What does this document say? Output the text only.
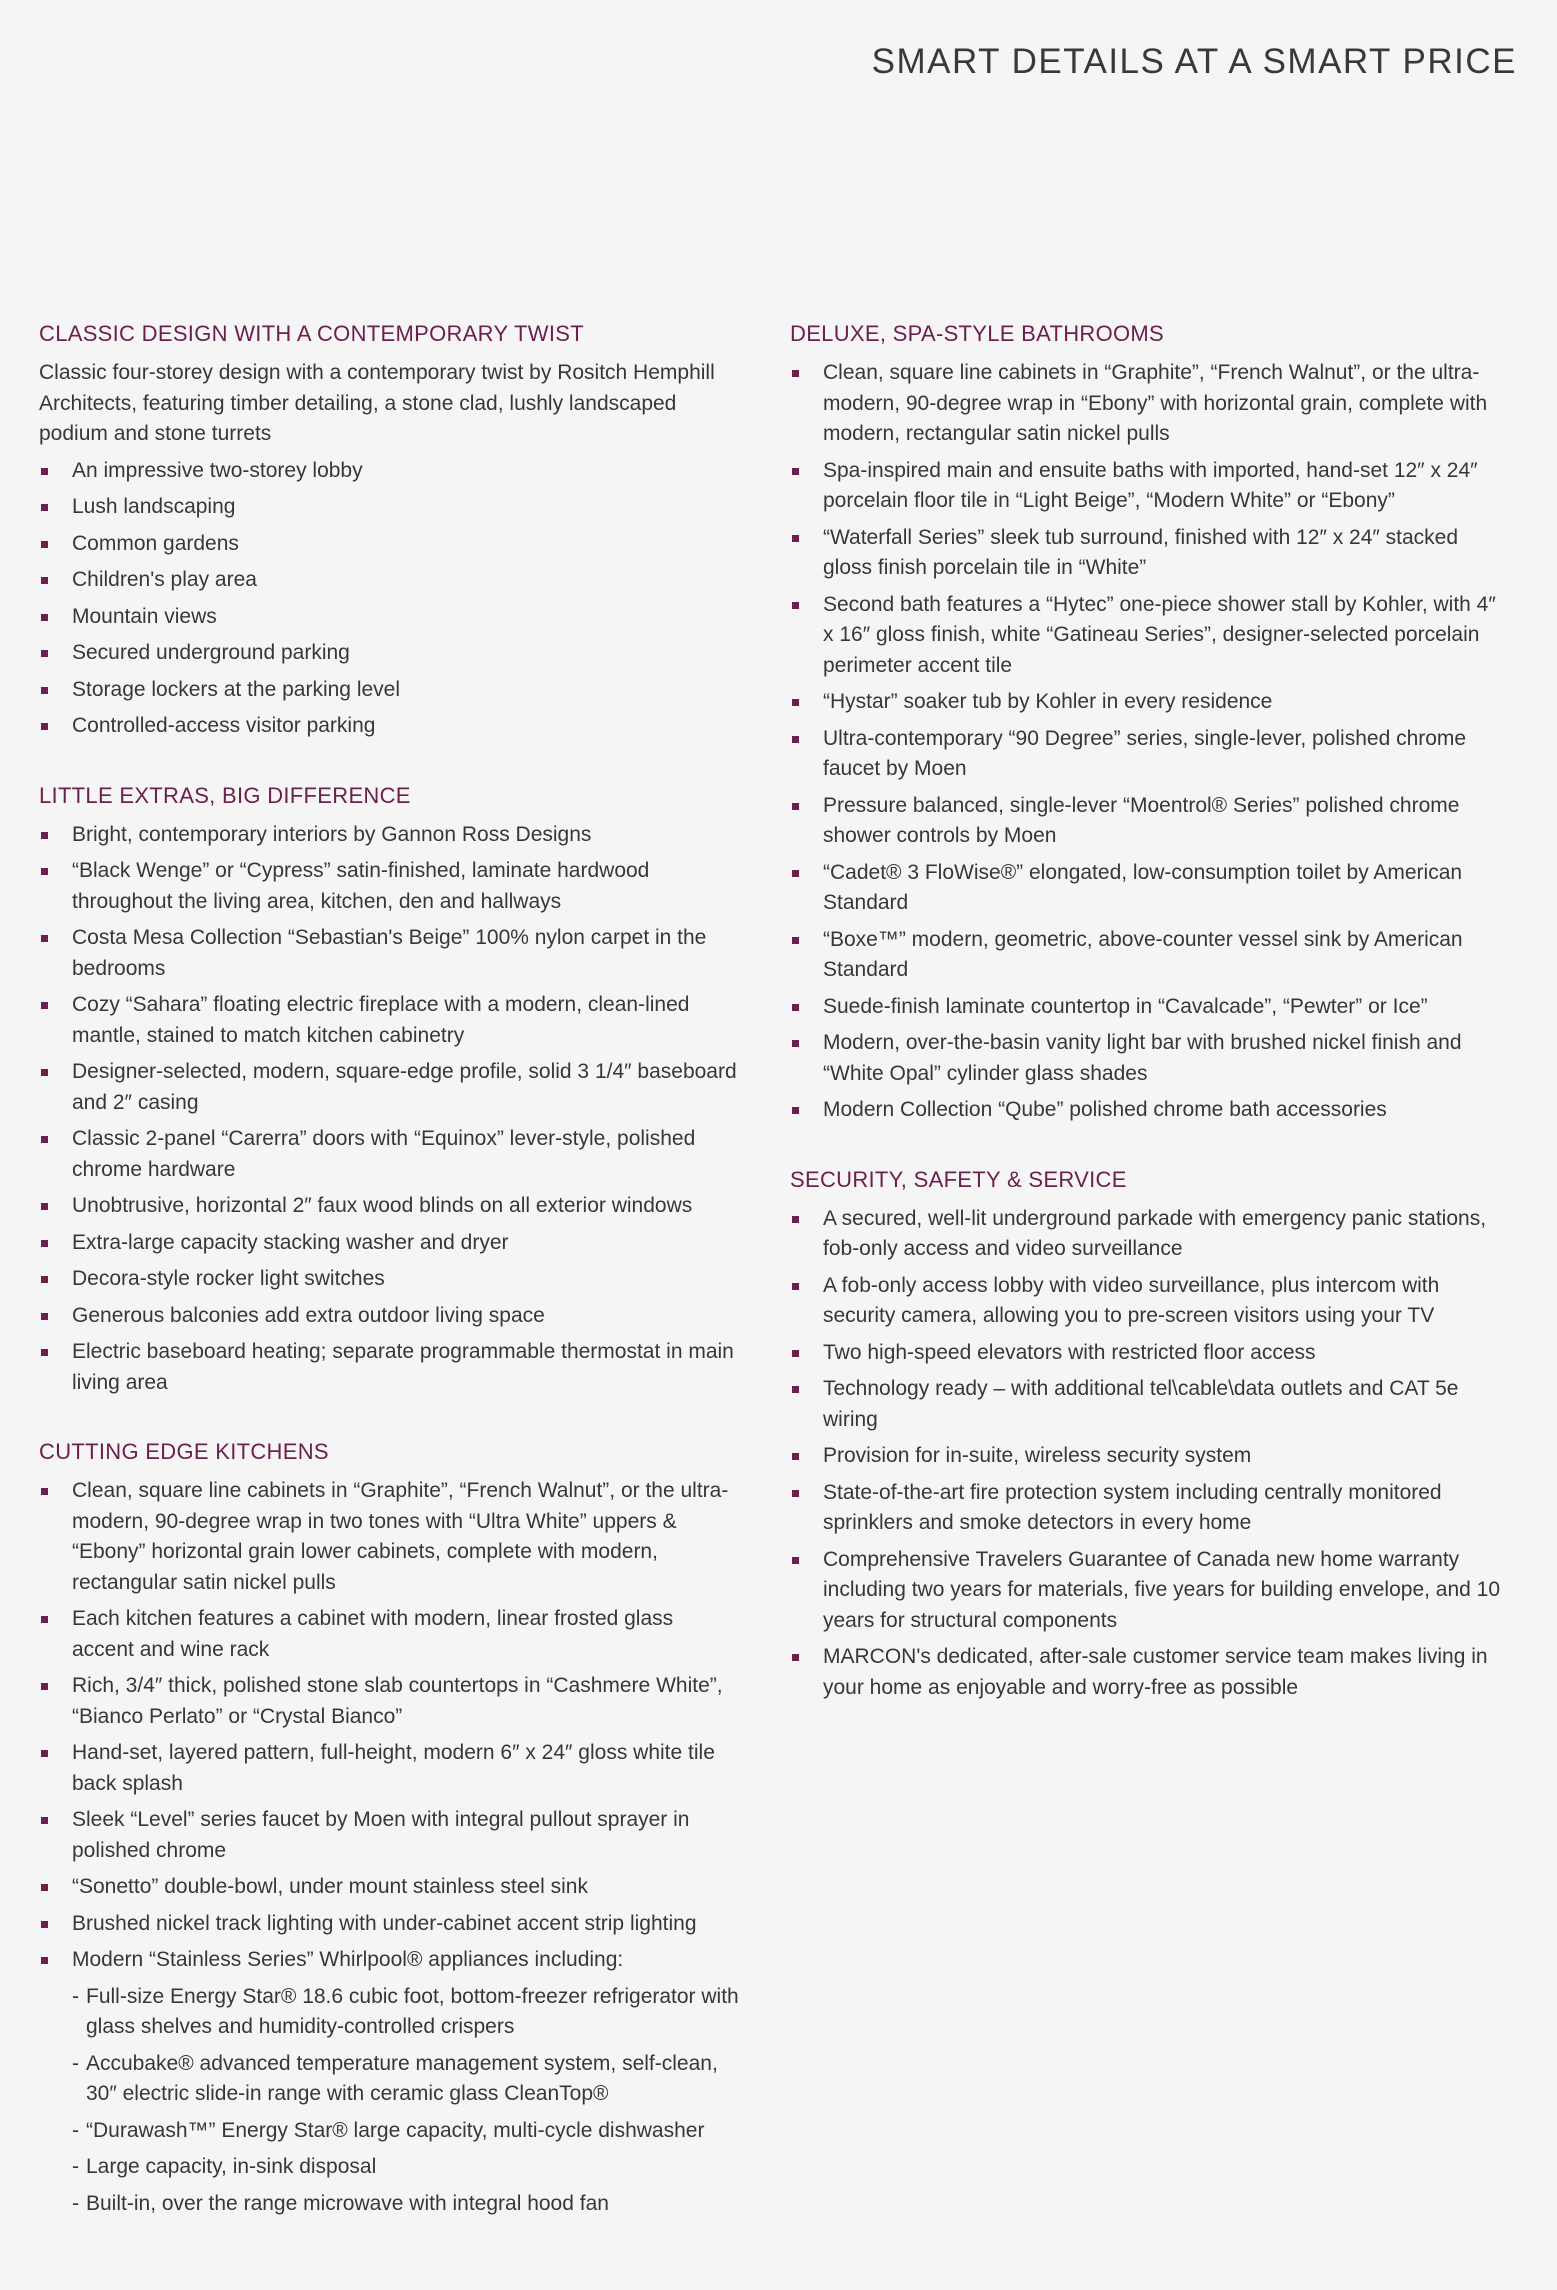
SMART DETAILS AT A SMART PRICE
CLASSIC DESIGN WITH A CONTEMPORARY TWIST

Classic four-storey design with a contemporary twist by Rositch Hemphill Architects, featuring timber detailing, a stone clad, lushly landscaped podium and stone turrets

An impressive two-storey lobby
Lush landscaping
Common gardens
Children's play area
Mountain views
Secured underground parking
Storage lockers at the parking level
Controlled-access visitor parking
LITTLE EXTRAS, BIG DIFFERENCE
Bright, contemporary interiors by Gannon Ross Designs
“Black Wenge” or “Cypress” satin-finished, laminate hardwood throughout the living area, kitchen, den and hallways
Costa Mesa Collection “Sebastian's Beige” 100% nylon carpet in the bedrooms
Cozy “Sahara” floating electric fireplace with a modern, clean-lined mantle, stained to match kitchen cabinetry
Designer-selected, modern, square-edge profile, solid 3 1/4″ baseboard and 2″ casing
Classic 2-panel “Carerra” doors with “Equinox” lever-style, polished chrome hardware
Unobtrusive, horizontal 2″ faux wood blinds on all exterior windows
Extra-large capacity stacking washer and dryer
Decora-style rocker light switches
Generous balconies add extra outdoor living space
Electric baseboard heating; separate programmable thermostat in main living area
CUTTING EDGE KITCHENS
Clean, square line cabinets in “Graphite”, “French Walnut”, or the ultra-modern, 90-degree wrap in two tones with “Ultra White” uppers & “Ebony” horizontal grain lower cabinets, complete with modern, rectangular satin nickel pulls
Each kitchen features a cabinet with modern, linear frosted glass accent and wine rack
Rich, 3/4″ thick, polished stone slab countertops in “Cashmere White”, “Bianco Perlato” or “Crystal Bianco”
Hand-set, layered pattern, full-height, modern 6″ x 24″ gloss white tile back splash
Sleek “Level” series faucet by Moen with integral pullout sprayer in polished chrome
“Sonetto” double-bowl, under mount stainless steel sink
Brushed nickel track lighting with under-cabinet accent strip lighting
Modern “Stainless Series” Whirlpool® appliances including:
- Full-size Energy Star® 18.6 cubic foot, bottom-freezer refrigerator with glass shelves and humidity-controlled crispers
- Accubake® advanced temperature management system, self-clean, 30″ electric slide-in range with ceramic glass CleanTop®
- “Durawash™” Energy Star® large capacity, multi-cycle dishwasher
- Large capacity, in-sink disposal
- Built-in, over the range microwave with integral hood fan
DELUXE, SPA-STYLE BATHROOMS
Clean, square line cabinets in “Graphite”, “French Walnut”, or the ultra-modern, 90-degree wrap in “Ebony” with horizontal grain, complete with modern, rectangular satin nickel pulls
Spa-inspired main and ensuite baths with imported, hand-set 12″ x 24″ porcelain floor tile in “Light Beige”, “Modern White” or “Ebony”
“Waterfall Series” sleek tub surround, finished with 12″ x 24″ stacked gloss finish porcelain tile in “White”
Second bath features a “Hytec” one-piece shower stall by Kohler, with 4″ x 16″ gloss finish, white “Gatineau Series”, designer-selected porcelain perimeter accent tile
“Hystar” soaker tub by Kohler in every residence
Ultra-contemporary “90 Degree” series, single-lever, polished chrome faucet by Moen
Pressure balanced, single-lever “Moentrol® Series” polished chrome shower controls by Moen
“Cadet® 3 FloWise®” elongated, low-consumption toilet by American Standard
“Boxe™” modern, geometric, above-counter vessel sink by American Standard
Suede-finish laminate countertop in “Cavalcade”, “Pewter” or Ice”
Modern, over-the-basin vanity light bar with brushed nickel finish and “White Opal” cylinder glass shades
Modern Collection “Qube” polished chrome bath accessories
SECURITY, SAFETY & SERVICE
A secured, well-lit underground parkade with emergency panic stations, fob-only access and video surveillance
A fob-only access lobby with video surveillance, plus intercom with security camera, allowing you to pre-screen visitors using your TV
Two high-speed elevators with restricted floor access
Technology ready – with additional tel\cable\data outlets and CAT 5e wiring
Provision for in-suite, wireless security system
State-of-the-art fire protection system including centrally monitored sprinklers and smoke detectors in every home
Comprehensive Travelers Guarantee of Canada new home warranty including two years for materials, five years for building envelope, and 10 years for structural components
MARCON's dedicated, after-sale customer service team makes living in your home as enjoyable and worry-free as possible
